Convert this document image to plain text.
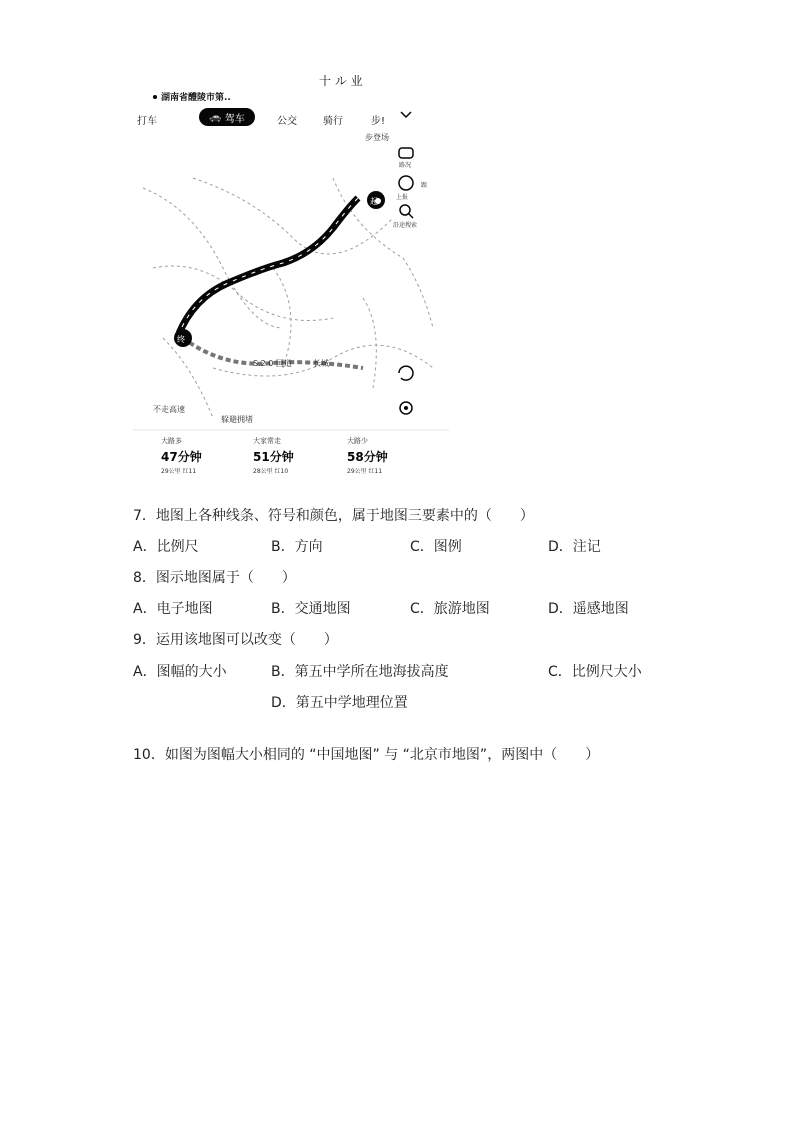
十 ル 业
湖南省醴陵市第..
打车	🚗 驾车	公交	骑行	步!
步登场
路况
上报
沿途搜索
跟
起
终
S.2 0 国道	长城
不走高速
躲避拥堵
大路多
47分钟
29公里 红11
大家常走
51分钟
28公里 红10
大路少
58分钟
29公里 红11
7．地图上各种线条、符号和颜色，属于地图三要素中的（　　）
A．比例尺	B．方向	C．图例	D．注记
8．图示地图属于（　　）
A．电子地图	B．交通地图	C．旅游地图	D．遥感地图
9．运用该地图可以改变（　　）
A．图幅的大小	B．第五中学所在地海拔高度	C．比例尺大小
D．第五中学地理位置
10．如图为图幅大小相同的 “中国地图” 与 “北京市地图”，两图中（　　）
